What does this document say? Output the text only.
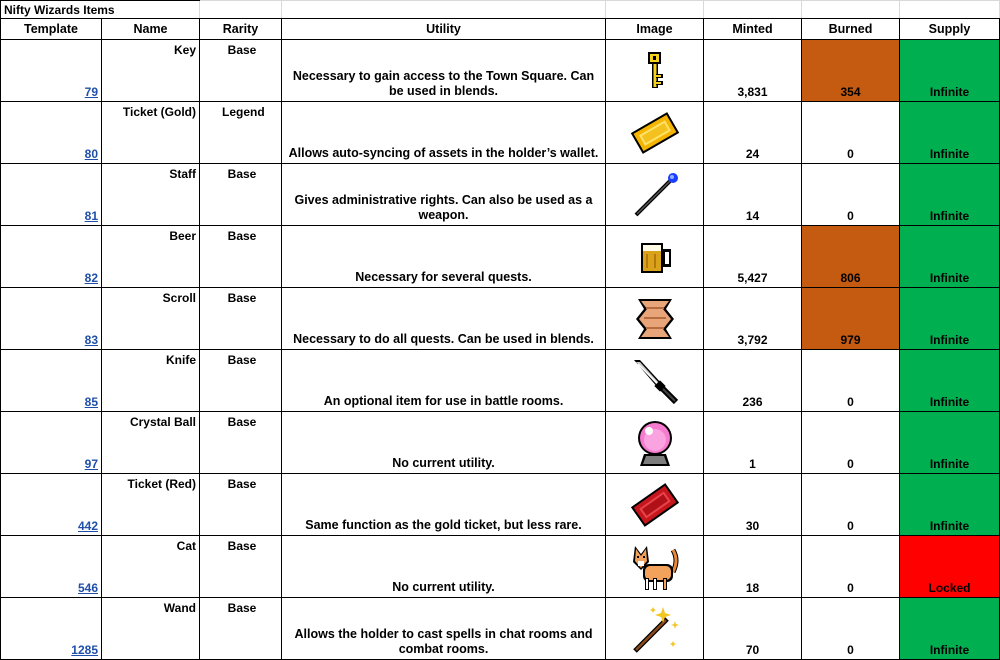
Nifty Wizards Items							
Template	Name	Rarity	Utility	Image	Minted	Burned	Supply
79	Key	Base	Necessary to gain access to the Town Square. Can be used in blends.		3,831	354	Infinite
80	Ticket (Gold)	Legend	Allows auto-syncing of assets in the holder’s wallet.		24	0	Infinite
81	Staff	Base	Gives administrative rights. Can also be used as a weapon.		14	0	Infinite
82	Beer	Base	Necessary for several quests.		5,427	806	Infinite
83	Scroll	Base	Necessary to do all quests. Can be used in blends.		3,792	979	Infinite
85	Knife	Base	An optional item for use in battle rooms.		236	0	Infinite
97	Crystal Ball	Base	No current utility.		1	0	Infinite
442	Ticket (Red)	Base	Same function as the gold ticket, but less rare.		30	0	Infinite
546	Cat	Base	No current utility.		18	0	Locked
1285	Wand	Base	Allows the holder to cast spells in chat rooms and combat rooms.		70	0	Infinite
